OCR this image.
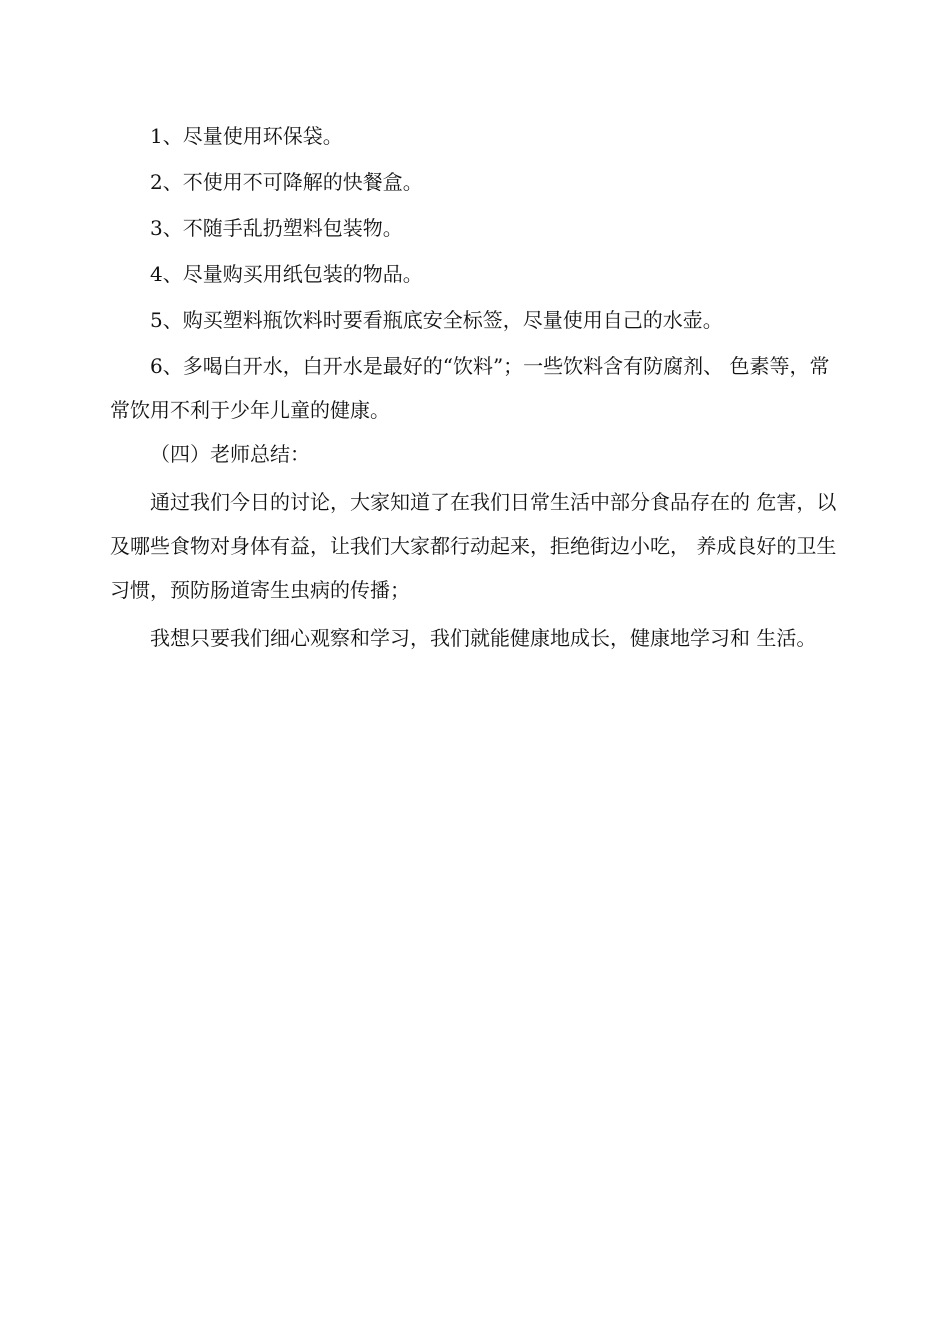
1、尽量使用环保袋。

2、不使用不可降解的快餐盒。

3、不随手乱扔塑料包装物。

4、尽量购买用纸包装的物品。

5、购买塑料瓶饮料时要看瓶底安全标签，尽量使用自己的水壶。

6、多喝白开水，白开水是最好的“饮料”；一些饮料含有防腐剂、 色素等，常常饮用不利于少年儿童的健康。

（四）老师总结：

通过我们今日的讨论，大家知道了在我们日常生活中部分食品存在的 危害，以及哪些食物对身体有益，让我们大家都行动起来，拒绝街边小吃， 养成良好的卫生习惯，预防肠道寄生虫病的传播；

我想只要我们细心观察和学习，我们就能健康地成长，健康地学习和 生活。
